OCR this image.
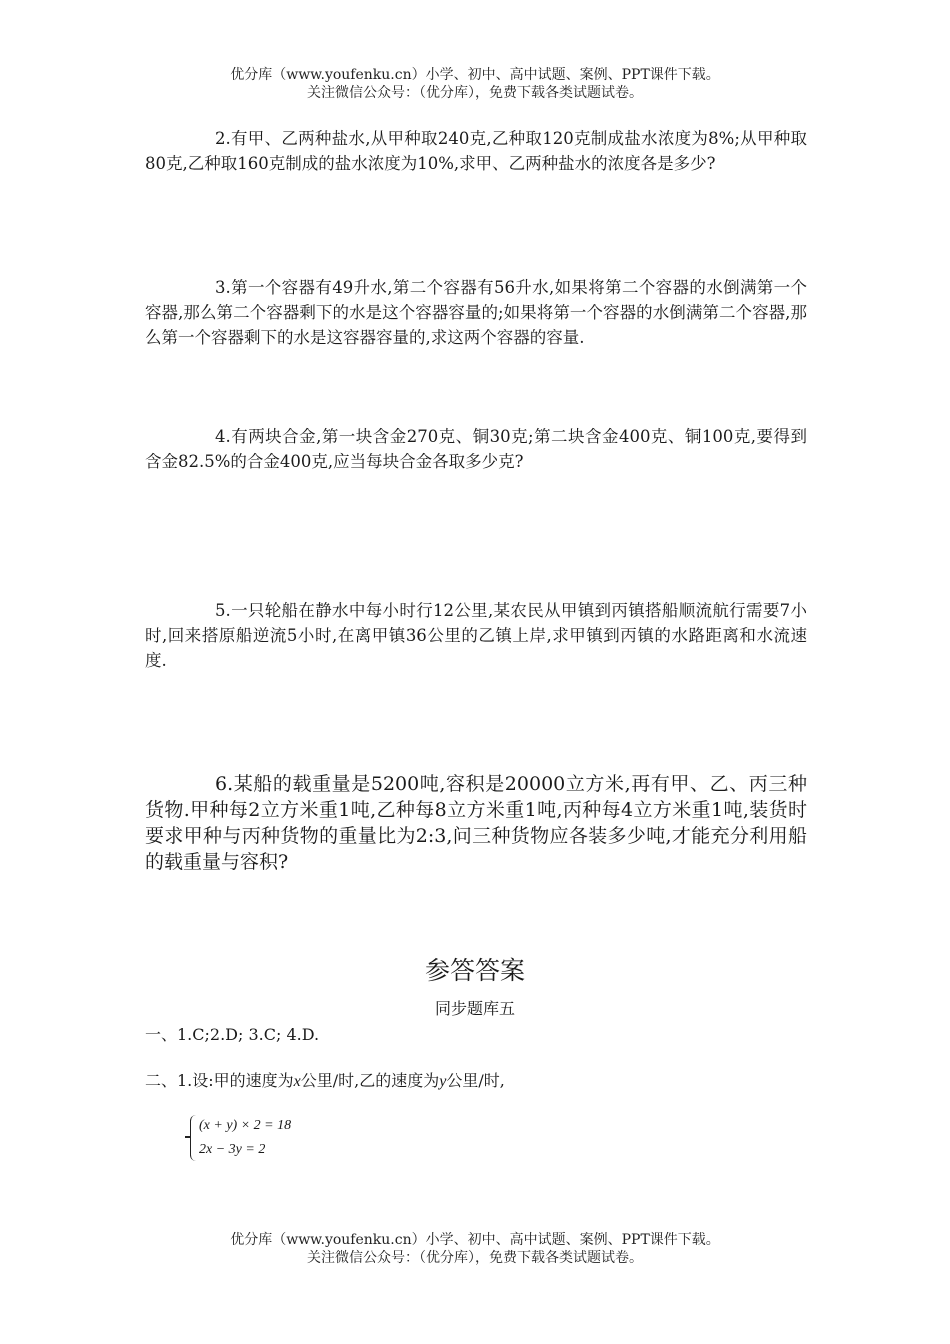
优分库（www.youfenku.cn）小学、初中、高中试题、案例、PPT课件下载。
关注微信公众号：（优分库），免费下载各类试题试卷。
2.有甲、乙两种盐水,从甲种取240克,乙种取120克制成盐水浓度为8%;从甲种取80克,乙种取160克制成的盐水浓度为10%,求甲、乙两种盐水的浓度各是多少?
3.第一个容器有49升水,第二个容器有56升水,如果将第二个容器的水倒满第一个容器,那么第二个容器剩下的水是这个容器容量的;如果将第一个容器的水倒满第二个容器,那么第一个容器剩下的水是这容器容量的,求这两个容器的容量.
4.有两块合金,第一块含金270克、铜30克;第二块含金400克、铜100克,要得到含金82.5%的合金400克,应当每块合金各取多少克?
5.一只轮船在静水中每小时行12公里,某农民从甲镇到丙镇搭船顺流航行需要7小时,回来搭原船逆流5小时,在离甲镇36公里的乙镇上岸,求甲镇到丙镇的水路距离和水流速度.
6.某船的载重量是5200吨,容积是20000立方米,再有甲、乙、丙三种货物.甲种每2立方米重1吨,乙种每8立方米重1吨,丙种每4立方米重1吨,装货时要求甲种与丙种货物的重量比为2:3,问三种货物应各装多少吨,才能充分利用船的载重量与容积?
参答答案
同步题库五
一、1.C;2.D; 3.C; 4.D.
二、1.设:甲的速度为x公里/时,乙的速度为y公里/时,
(x + y) × 2 = 18
2x − 3y = 2
优分库（www.youfenku.cn）小学、初中、高中试题、案例、PPT课件下载。
关注微信公众号：（优分库），免费下载各类试题试卷。
